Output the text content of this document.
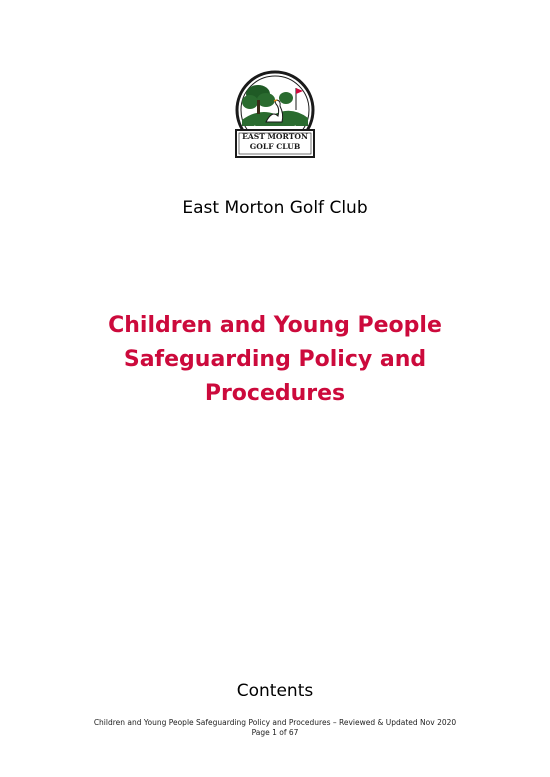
EAST MORTON
GOLF CLUB
East Morton Golf Club
Children and Young People Safeguarding Policy and Procedures
Contents
Children and Young People Safeguarding Policy and Procedures – Reviewed & Updated Nov 2020
Page 1 of 67
